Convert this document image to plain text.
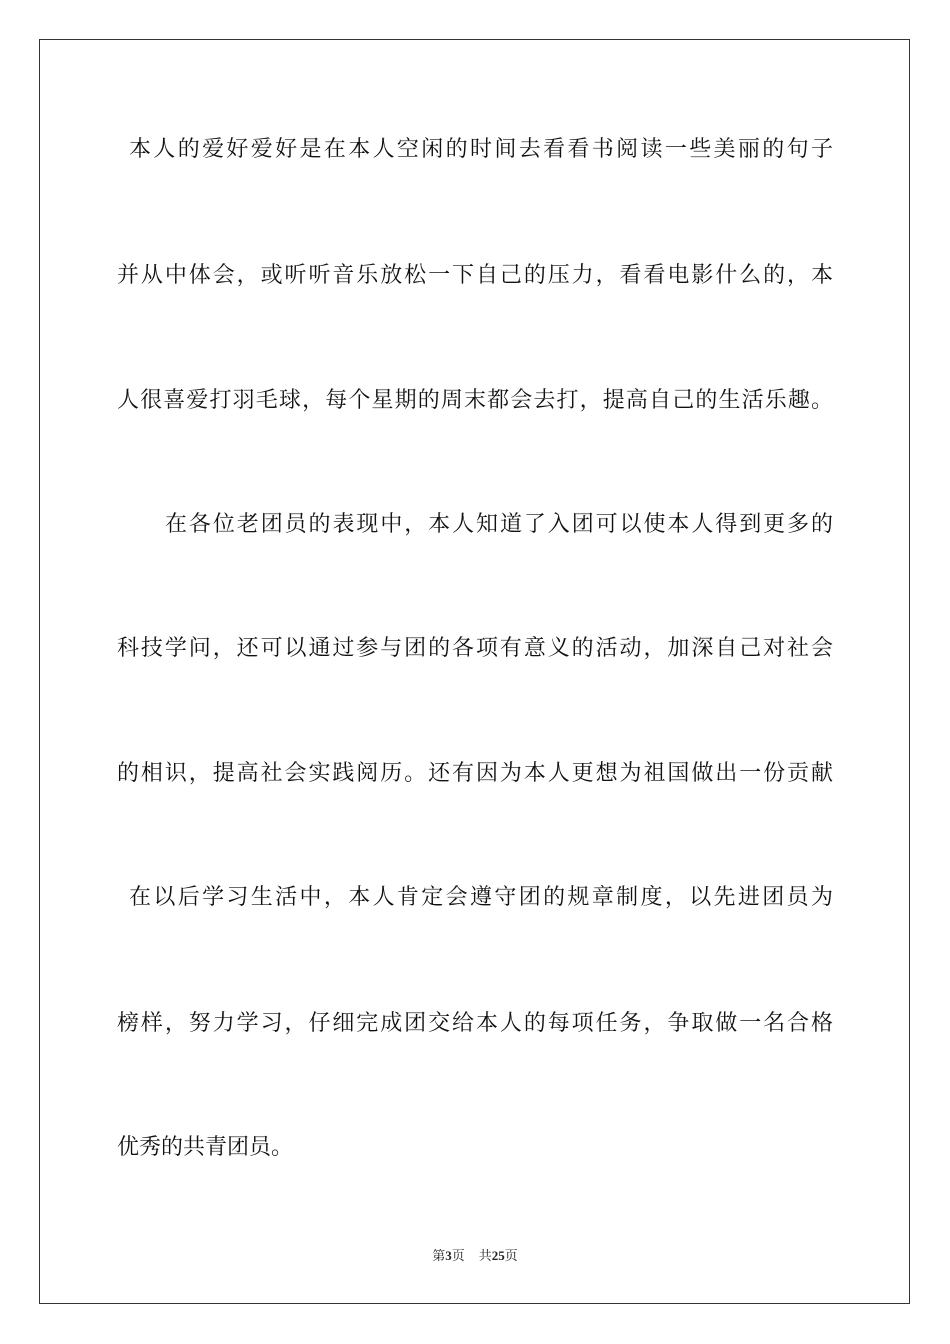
本人的爱好爱好是在本人空闲的时间去看看书阅读一些美丽的句子
并从中体会，或听听音乐放松一下自己的压力，看看电影什么的，本
人很喜爱打羽毛球，每个星期的周末都会去打，提高自己的生活乐趣。
在各位老团员的表现中，本人知道了入团可以使本人得到更多的
科技学问，还可以通过参与团的各项有意义的活动，加深自己对社会
的相识，提高社会实践阅历。还有因为本人更想为祖国做出一份贡献
在以后学习生活中，本人肯定会遵守团的规章制度，以先进团员为
榜样，努力学习，仔细完成团交给本人的每项任务，争取做一名合格
优秀的共青团员。
第3页 共25页
